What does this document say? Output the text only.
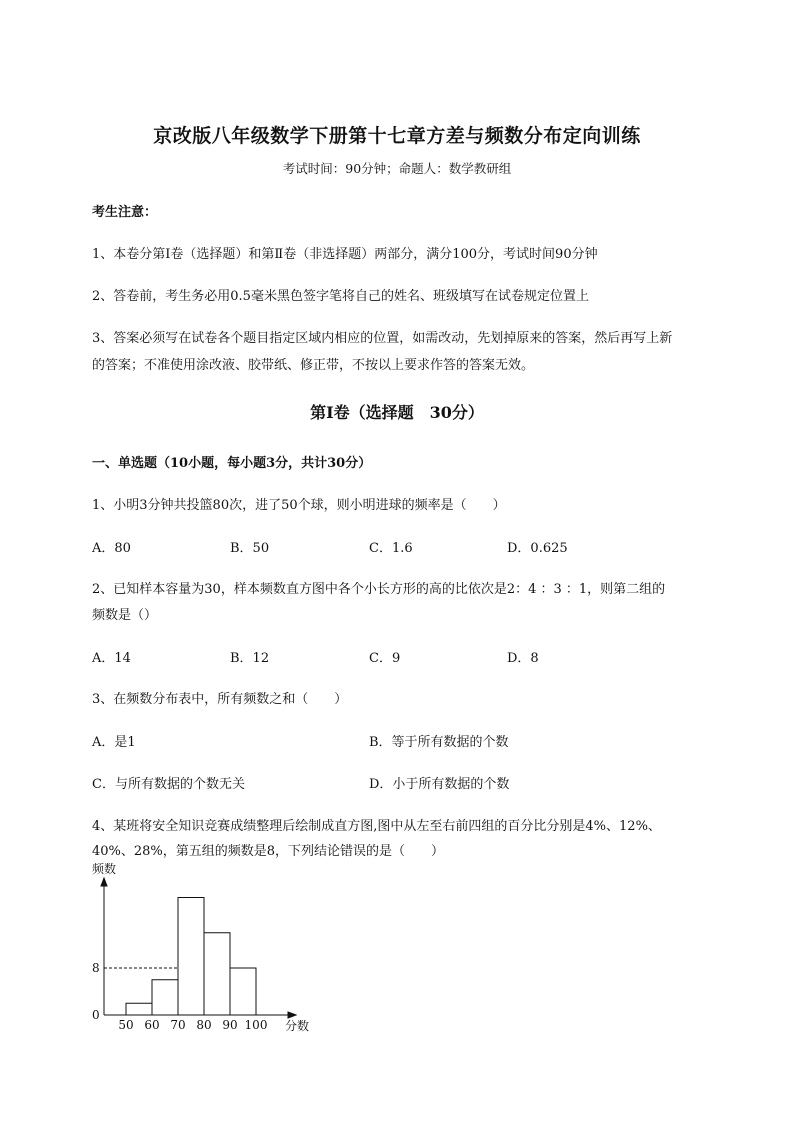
京改版八年级数学下册第十七章方差与频数分布定向训练
考试时间：90分钟；命题人：数学教研组
考生注意：
1、本卷分第I卷（选择题）和第Ⅱ卷（非选择题）两部分，满分100分，考试时间90分钟
2、答卷前，考生务必用0.5毫米黑色签字笔将自己的姓名、班级填写在试卷规定位置上
3、答案必须写在试卷各个题目指定区域内相应的位置，如需改动，先划掉原来的答案，然后再写上新
的答案；不准使用涂改液、胶带纸、修正带，不按以上要求作答的答案无效。
第I卷（选择题　30分）
一、单选题（10小题，每小题3分，共计30分）
1、小明3分钟共投篮80次，进了50个球，则小明进球的频率是（　　）
A．80	B．50	C．1.6	D．0.625
2、已知样本容量为30，样本频数直方图中各个小长方形的高的比依次是2：4 ：3 ：1，则第二组的
频数是（）
A．14	B．12	C．9	D．8
3、在频数分布表中，所有频数之和（　　）
A．是1	B．等于所有数据的个数
C．与所有数据的个数无关	D．小于所有数据的个数
4、某班将安全知识竞赛成绩整理后绘制成直方图,图中从左至右前四组的百分比分别是4%、12%、
40%、28%，第五组的频数是8，下列结论错误的是（　　）
频数
0
8
50 60 70 80 90 100 分数
